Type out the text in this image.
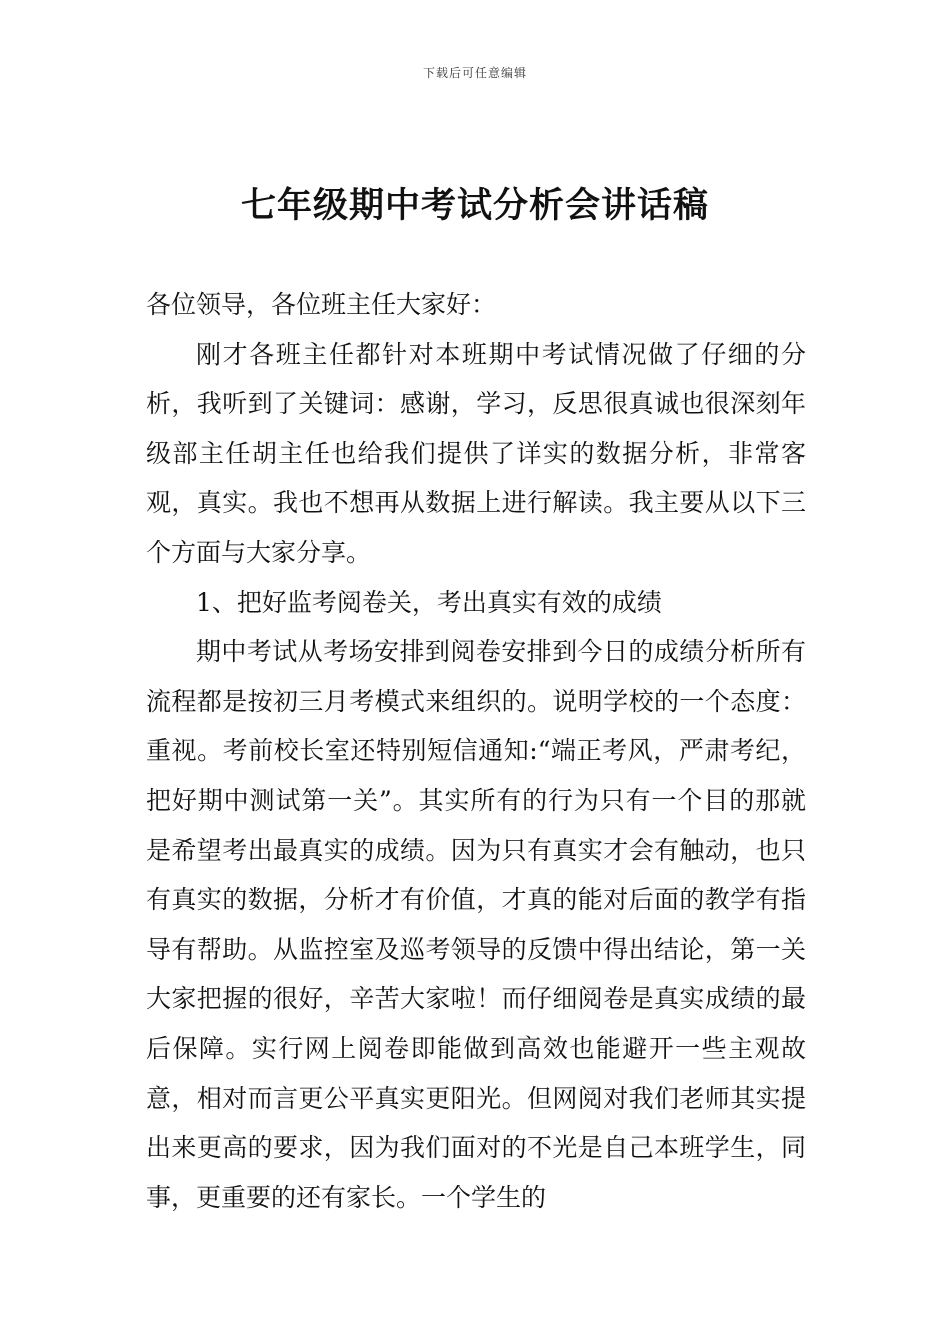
下载后可任意编辑
七年级期中考试分析会讲话稿

各位领导，各位班主任大家好：

刚才各班主任都针对本班期中考试情况做了仔细的分析，我听到了关键词：感谢，学习，反思很真诚也很深刻年级部主任胡主任也给我们提供了详实的数据分析，非常客观，真实。我也不想再从数据上进行解读。我主要从以下三个方面与大家分享。

1、把好监考阅卷关，考出真实有效的成绩

期中考试从考场安排到阅卷安排到今日的成绩分析所有流程都是按初三月考模式来组织的。说明学校的一个态度：重视。考前校长室还特别短信通知:“端正考风，严肃考纪，把好期中测试第一关”。其实所有的行为只有一个目的那就是希望考出最真实的成绩。因为只有真实才会有触动，也只有真实的数据，分析才有价值，才真的能对后面的教学有指导有帮助。从监控室及巡考领导的反馈中得出结论，第一关大家把握的很好，辛苦大家啦！而仔细阅卷是真实成绩的最后保障。实行网上阅卷即能做到高效也能避开一些主观故意，相对而言更公平真实更阳光。但网阅对我们老师其实提出来更高的要求，因为我们面对的不光是自己本班学生，同事，更重要的还有家长。一个学生的
